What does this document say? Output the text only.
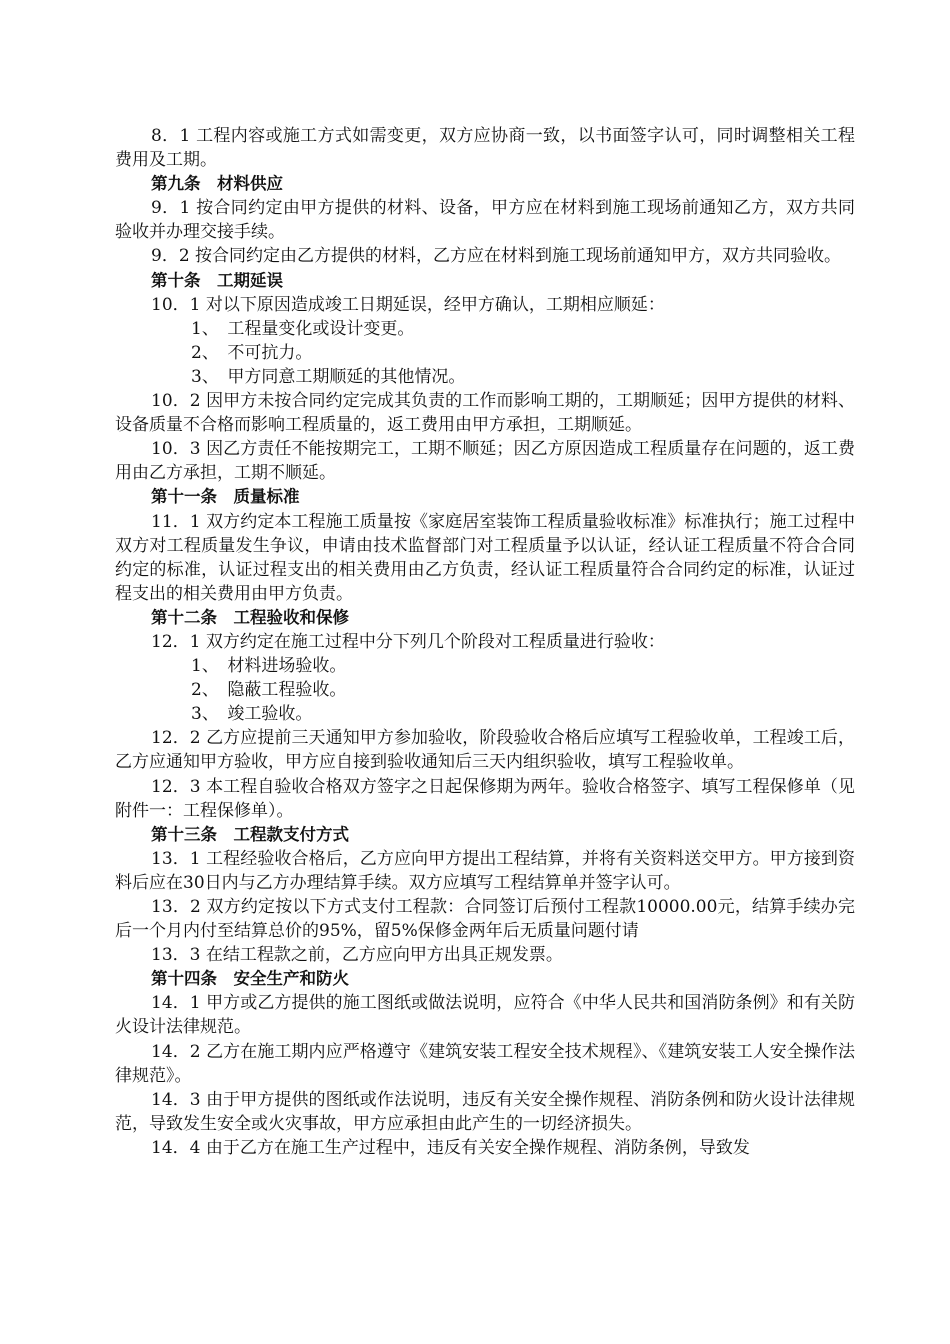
8．1 工程内容或施工方式如需变更，双方应协商一致，以书面签字认可，同时调整相关工程费用及工期。

第九条　材料供应

9．1 按合同约定由甲方提供的材料、设备，甲方应在材料到施工现场前通知乙方，双方共同验收并办理交接手续。

9．2 按合同约定由乙方提供的材料，乙方应在材料到施工现场前通知甲方，双方共同验收。

第十条　工期延误

10．1 对以下原因造成竣工日期延误，经甲方确认，工期相应顺延：

1、　工程量变化或设计变更。

2、　不可抗力。

3、　甲方同意工期顺延的其他情况。

10．2 因甲方未按合同约定完成其负责的工作而影响工期的，工期顺延；因甲方提供的材料、设备质量不合格而影响工程质量的，返工费用由甲方承担，工期顺延。

10．3 因乙方责任不能按期完工，工期不顺延；因乙方原因造成工程质量存在问题的，返工费用由乙方承担，工期不顺延。

第十一条　质量标准

11．1 双方约定本工程施工质量按《家庭居室装饰工程质量验收标准》标准执行；施工过程中双方对工程质量发生争议，申请由技术监督部门对工程质量予以认证，经认证工程质量不符合合同约定的标准，认证过程支出的相关费用由乙方负责，经认证工程质量符合合同约定的标准，认证过程支出的相关费用由甲方负责。

第十二条　工程验收和保修

12．1 双方约定在施工过程中分下列几个阶段对工程质量进行验收：

1、　材料进场验收。

2、　隐蔽工程验收。

3、　竣工验收。

12．2 乙方应提前三天通知甲方参加验收，阶段验收合格后应填写工程验收单，工程竣工后，乙方应通知甲方验收，甲方应自接到验收通知后三天内组织验收，填写工程验收单。

12．3 本工程自验收合格双方签字之日起保修期为两年。验收合格签字、填写工程保修单（见附件一：工程保修单）。

第十三条　工程款支付方式

13．1 工程经验收合格后，乙方应向甲方提出工程结算，并将有关资料送交甲方。甲方接到资料后应在30日内与乙方办理结算手续。双方应填写工程结算单并签字认可。

13．2 双方约定按以下方式支付工程款：合同签订后预付工程款10000.00元，结算手续办完后一个月内付至结算总价的95%，留5%保修金两年后无质量问题付请

13．3 在结工程款之前，乙方应向甲方出具正规发票。

第十四条　安全生产和防火

14．1 甲方或乙方提供的施工图纸或做法说明，应符合《中华人民共和国消防条例》和有关防火设计法律规范。

14．2 乙方在施工期内应严格遵守《建筑安装工程安全技术规程》、《建筑安装工人安全操作法律规范》。

14．3 由于甲方提供的图纸或作法说明，违反有关安全操作规程、消防条例和防火设计法律规范，导致发生安全或火灾事故，甲方应承担由此产生的一切经济损失。

14．4 由于乙方在施工生产过程中，违反有关安全操作规程、消防条例，导致发
